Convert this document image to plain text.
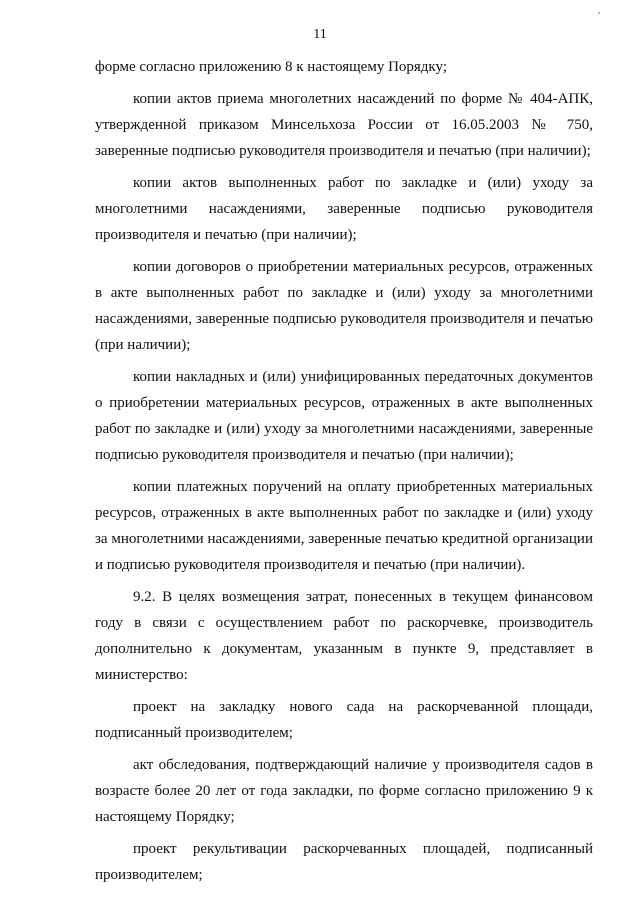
'
11

форме согласно приложению 8 к настоящему Порядку;

копии актов приема многолетних насаждений по форме № 404-АПК, утвержденной приказом Минсельхоза России от 16.05.2003 № 750, заверенные подписью руководителя производителя и печатью (при наличии);

копии актов выполненных работ по закладке и (или) уходу за многолетними насаждениями, заверенные подписью руководителя производителя и печатью (при наличии);

копии договоров о приобретении материальных ресурсов, отраженных в акте выполненных работ по закладке и (или) уходу за многолетними насаждениями, заверенные подписью руководителя производителя и печатью (при наличии);

копии накладных и (или) унифицированных передаточных документов о приобретении материальных ресурсов, отраженных в акте выполненных работ по закладке и (или) уходу за многолетними насаждениями, заверенные подписью руководителя производителя и печатью (при наличии);

копии платежных поручений на оплату приобретенных материальных ресурсов, отраженных в акте выполненных работ по закладке и (или) уходу за многолетними насаждениями, заверенные печатью кредитной организации и подписью руководителя производителя и печатью (при наличии).

9.2. В целях возмещения затрат, понесенных в текущем финансовом году в связи с осуществлением работ по раскорчевке, производитель дополнительно к документам, указанным в пункте 9, представляет в министерство:

проект на закладку нового сада на раскорчеванной площади, подписанный производителем;

акт обследования, подтверждающий наличие у производителя садов в возрасте более 20 лет от года закладки, по форме согласно приложению 9 к настоящему Порядку;

проект рекультивации раскорчеванных площадей, подписанный производителем;
